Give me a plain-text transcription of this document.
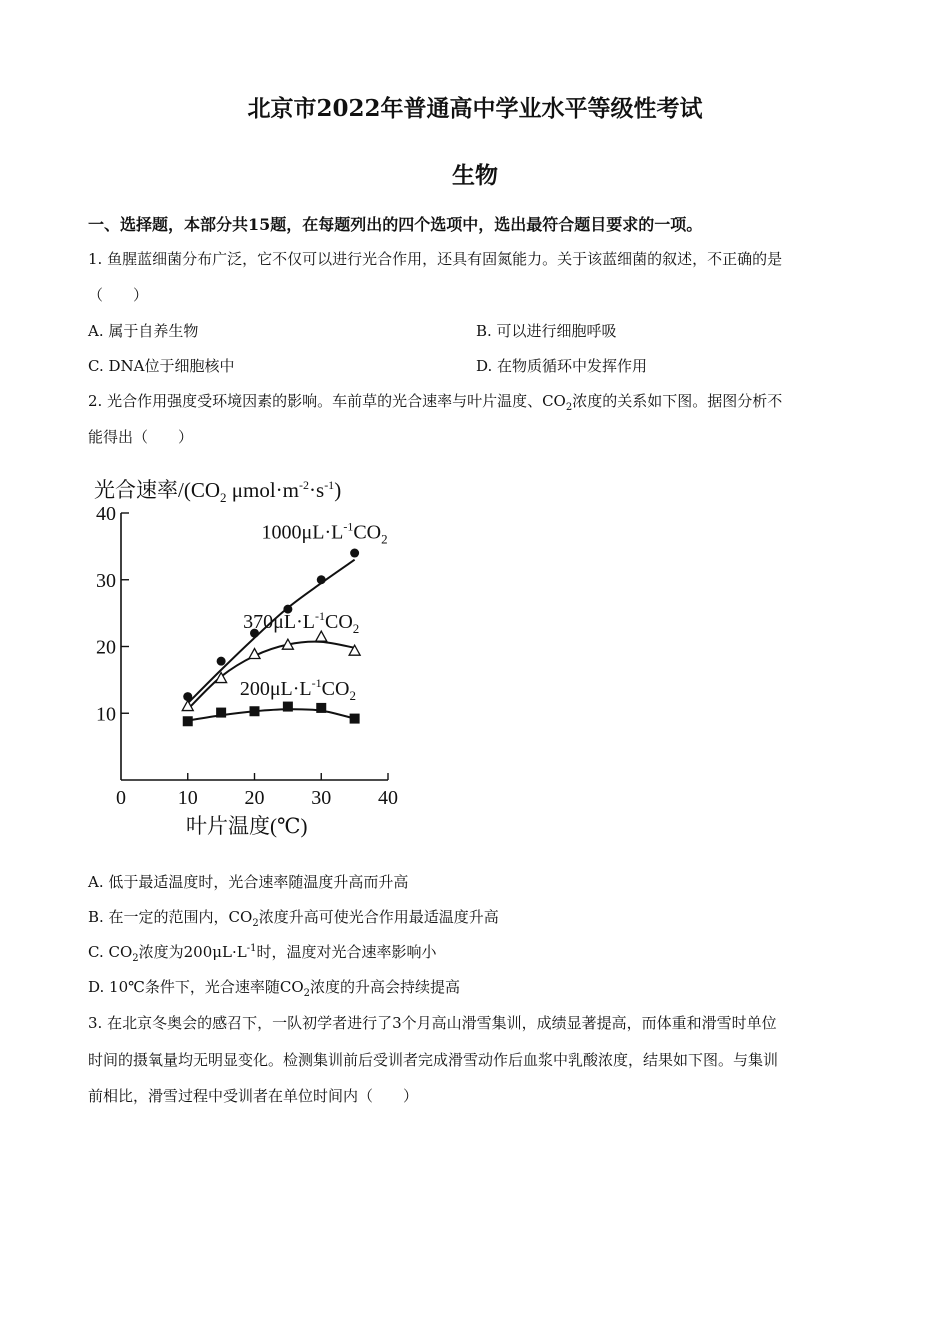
北京市2022年普通高中学业水平等级性考试
生物
一、选择题，本部分共15题，在每题列出的四个选项中，选出最符合题目要求的一项。
1. 鱼腥蓝细菌分布广泛，它不仅可以进行光合作用，还具有固氮能力。关于该蓝细菌的叙述，不正确的是
（　　）
A. 属于自养生物	B. 可以进行细胞呼吸
C. DNA位于细胞核中	D. 在物质循环中发挥作用
2. 光合作用强度受环境因素的影响。车前草的光合速率与叶片温度、$CO_2$浓度的关系如下图。据图分析不
能得出（　　）
光合速率$/(CO_2$ $\mu mol\cdot m^{-2}\cdot s^{-1}$)
10
20
30
40
0	10 20 30 40
$1000\mu L\cdot L^{-1}CO_2$
$370\mu L\cdot L^{-1}CO_2$
$200\mu L\cdot L^{-1}CO_2$
叶片温度(℃)
A. 低于最适温度时，光合速率随温度升高而升高
B. 在一定的范围内，$CO_2$浓度升高可使光合作用最适温度升高
C. $CO_2$浓度为$200\mu L\cdot L^{-1}$时，温度对光合速率影响小
D. 10℃条件下，光合速率随$CO_2$浓度的升高会持续提高
3. 在北京冬奥会的感召下，一队初学者进行了3个月高山滑雪集训，成绩显著提高，而体重和滑雪时单位
时间的摄氧量均无明显变化。检测集训前后受训者完成滑雪动作后血浆中乳酸浓度，结果如下图。与集训
前相比，滑雪过程中受训者在单位时间内（　　）
